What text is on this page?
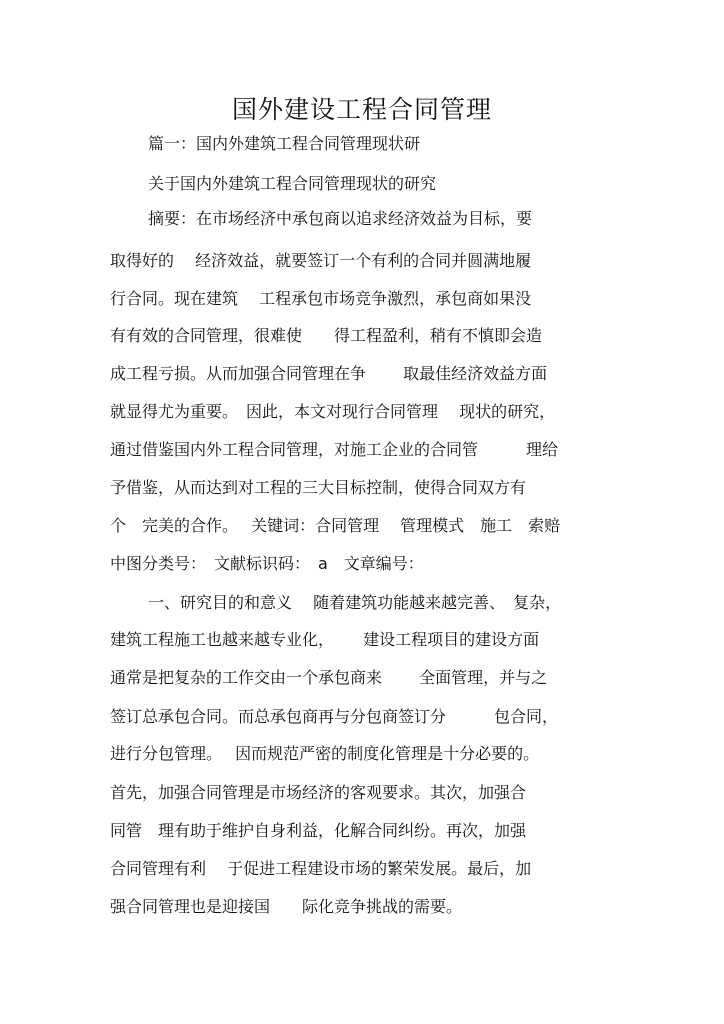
国外建设工程合同管理
篇一：国内外建筑工程合同管理现状研
关于国内外建筑工程合同管理现状的研究
摘要：在市场经济中承包商以追求经济效益为目标，要
取得好的　 经济效益，就要签订一个有利的合同并圆满地履
行合同。现在建筑　 工程承包市场竞争激烈，承包商如果没
有有效的合同管理，很难使　　得工程盈利，稍有不慎即会造
成工程亏损。从而加强合同管理在争　　 取最佳经济效益方面
就显得尤为重要。　因此，本文对现行合同管理　 现状的研究，
通过借鉴国内外工程合同管理，对施工企业的合同管　　　理给
予借鉴，从而达到对工程的三大目标控制，使得合同双方有
个　完美的合作。　 关键词：合同管理　 管理模式　施工　索赔
中图分类号：　文献标识码：　a　文章编号：
一、研究目的和意义　 随着建筑功能越来越完善、　复杂，
建筑工程施工也越来越专业化，　　 建设工程项目的建设方面
通常是把复杂的工作交由一个承包商来　　 全面管理，并与之
签订总承包合同。而总承包商再与分包商签订分　　　包合同，
进行分包管理。　 因而规范严密的制度化管理是十分必要的。
首先，加强合同管理是市场经济的客观要求。其次，加强合
同管　理有助于维护自身利益，化解合同纠纷。再次，加强
合同管理有利　 于促进工程建设市场的繁荣发展。最后，加
强合同管理也是迎接国　　际化竞争挑战的需要。
